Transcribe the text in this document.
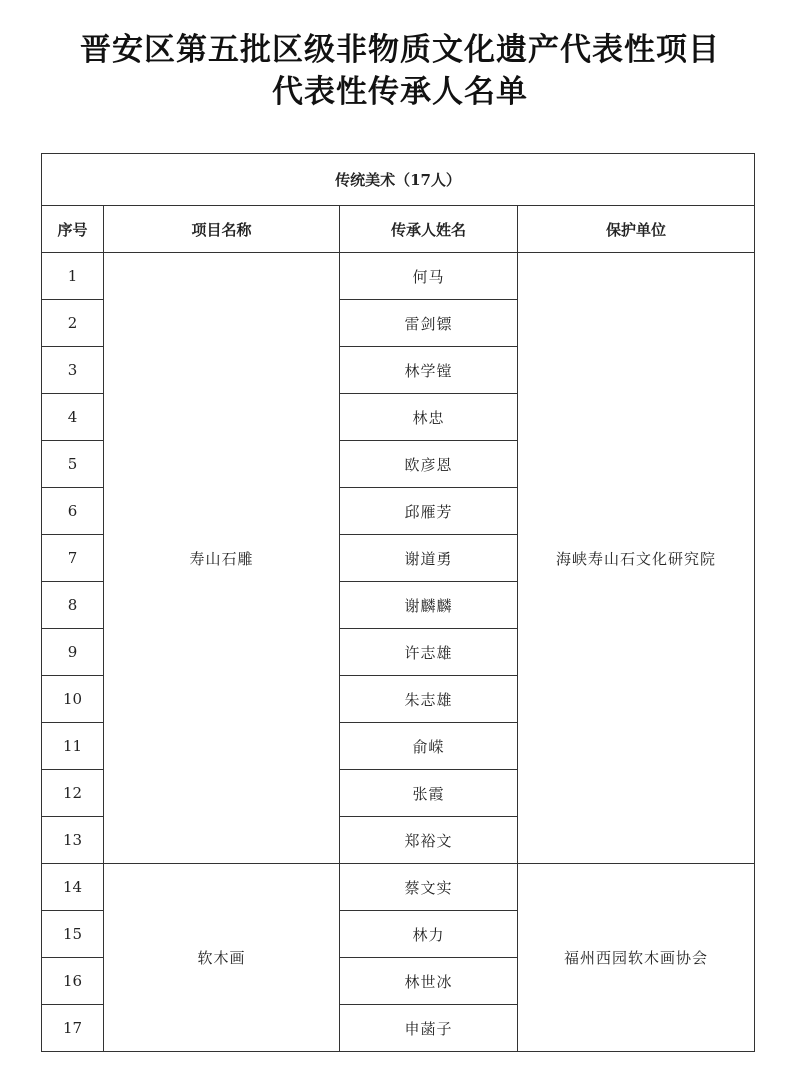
晋安区第五批区级非物质文化遗产代表性项目
代表性传承人名单
传统美术（17人）			
序号	项目名称	传承人姓名	保护单位
1	寿山石雕	何马	海峡寿山石文化研究院
2		雷剑镖	
3		林学镗	
4		林忠	
5		欧彦恩	
6		邱雁芳	
7		谢道勇	
8		谢麟麟	
9		许志雄	
10		朱志雄	
11		俞嵘	
12		张霞	
13		郑裕文	
14	软木画	蔡文实	福州西园软木画协会
15		林力	
16		林世冰	
17		申菡子	
